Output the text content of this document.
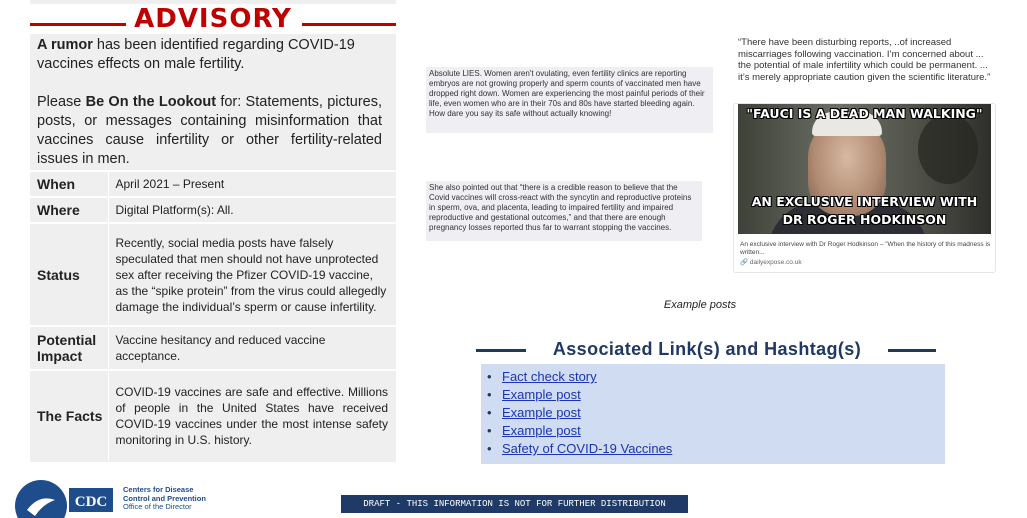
ADVISORY

A rumor has been identified regarding COVID-19 vaccines effects on male fertility.

Please Be On the Lookout for: Statements, pictures, posts, or messages containing misinformation that vaccines cause infertility or other fertility-related issues in men.

When	April 2021 – Present
Where	Digital Platform(s): All.
Status	Recently, social media posts have falsely speculated that men should not have unprotected sex after receiving the Pfizer COVID-19 vaccine, as the “spike protein” from the virus could allegedly damage the individual’s sperm or cause infertility.
Potential Impact	Vaccine hesitancy and reduced vaccine acceptance.
The Facts	COVID-19 vaccines are safe and effective. Millions of people in the United States have received COVID-19 vaccines under the most intense safety monitoring in U.S. history.
Absolute LIES. Women aren't ovulating, even fertility clinics are reporting embryos are not growing properly and sperm counts of vaccinated men have dropped right down. Women are experiencing the most painful periods of their life, even women who are in their 70s and 80s have started bleeding again. How dare you say its safe without actually knowing!
She also pointed out that “there is a credible reason to believe that the Covid vaccines will cross-react with the syncytin and reproductive proteins in sperm, ova, and placenta, leading to impaired fertility and impaired reproductive and gestational outcomes,” and that there are enough pregnancy losses reported thus far to warrant stopping the vaccines.
“There have been disturbing reports, ..of increased miscarriages following vaccination. I’m concerned about ... the potential of male infertility which could be permanent. ... it’s merely appropriate caution given the scientific literature.”
"FAUCI IS A DEAD MAN WALKING"
AN EXCLUSIVE INTERVIEW WITH
DR ROGER HODKINSON
An exclusive interview with Dr Roger Hodkinson – "When the history of this madness is written...
🔗 dailyexpose.co.uk
Example posts
Associated Link(s) and Hashtag(s)
• Fact check story
• Example post
• Example post
• Example post
• Safety of COVID-19 Vaccines
CDC
Centers for Disease
Control and Prevention
Office of the Director	DRAFT - THIS INFORMATION IS NOT FOR FURTHER DISTRIBUTION
